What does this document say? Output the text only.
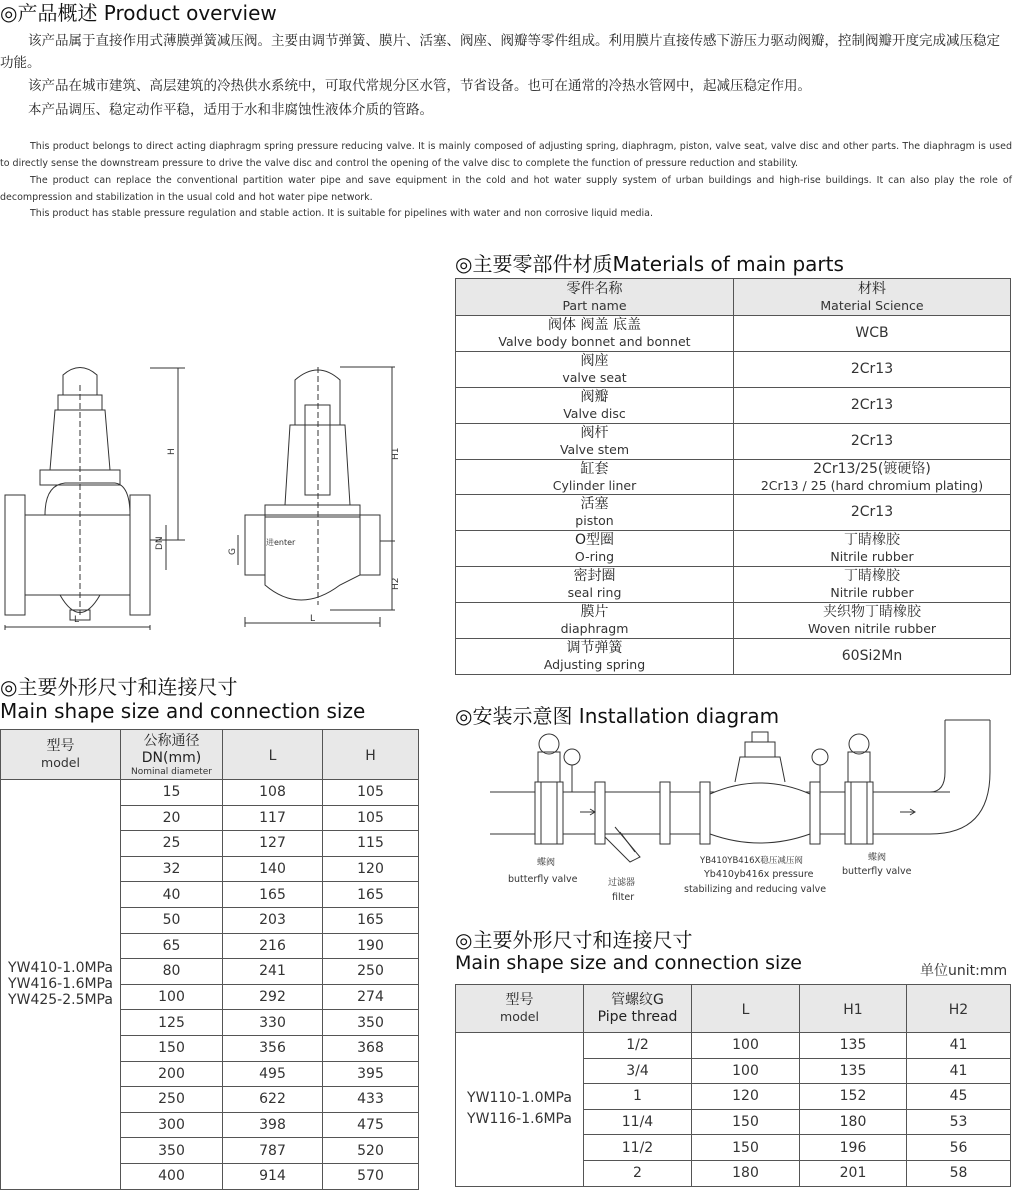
◎产品概述 Product overview
该产品属于直接作用式薄膜弹簧减压阀。主要由调节弹簧、膜片、活塞、阀座、阀瓣等零件组成。利用膜片直接传感下游压力驱动阀瓣，控制阀瓣开度完成减压稳定功能。
该产品在城市建筑、高层建筑的冷热供水系统中，可取代常规分区水管，节省设备。也可在通常的冷热水管网中，起减压稳定作用。
本产品调压、稳定动作平稳，适用于水和非腐蚀性液体介质的管路。
This product belongs to direct acting diaphragm spring pressure reducing valve. It is mainly composed of adjusting spring, diaphragm, piston, valve seat, valve disc and other parts. The diaphragm is used to directly sense the downstream pressure to drive the valve disc and control the opening of the valve disc to complete the function of pressure reduction and stability.
The product can replace the conventional partition water pipe and save equipment in the cold and hot water supply system of urban buildings and high-rise buildings. It can also play the role of decompression and stabilization in the usual cold and hot water pipe network.
This product has stable pressure regulation and stable action. It is suitable for pipelines with water and non corrosive liquid media.
H
DN
L
H1
H2
G
进enter
L
◎主要零部件材质Materials of main parts
零件名称
Part name	材料
Material Science

阀体 阀盖 底盖
Valve body bonnet and bonnet	WCB

阀座
valve seat	2Cr13

阀瓣
Valve disc	2Cr13

阀杆
Valve stem	2Cr13

缸套
Cylinder liner	2Cr13/25(镀硬铬)
2Cr13 / 25 (hard chromium plating)

活塞
piston	2Cr13

O型圈
O-ring	丁睛橡胶
Nitrile rubber

密封圈
seal ring	丁睛橡胶
Nitrile rubber

膜片
diaphragm	夹织物丁睛橡胶
Woven nitrile rubber

调节弹簧
Adjusting spring	60Si2Mn
◎主要外形尺寸和连接尺寸
Main shape size and connection size
型号
model	公称通径
DN(mm)
Nominal diameter	L	H

YW410-1.0MPa
YW416-1.6MPa
YW425-2.5MPa	15	108	105
	20	117	105
	25	127	115
	32	140	120
	40	165	165
	50	203	165
	65	216	190
	80	241	250
	100	292	274
	125	330	350
	150	356	368
	200	495	395
	250	622	433
	300	398	475
	350	787	520
	400	914	570
◎安装示意图 Installation diagram
蝶阀
butterfly valve	过滤器
filter
YB410YB416X稳压减压阀
Yb410yb416x pressure
stabilizing and reducing valve
蝶阀
butterfly valve
◎主要外形尺寸和连接尺寸
Main shape size and connection size	单位unit:mm
型号
model	管螺纹G
Pipe thread	L	H1	H2

YW110-1.0MPa
YW116-1.6MPa	1/2	100	135	41
	3/4	100	135	41
	1	120	152	45
	11/4	150	180	53
	11/2	150	196	56
	2	180	201	58
